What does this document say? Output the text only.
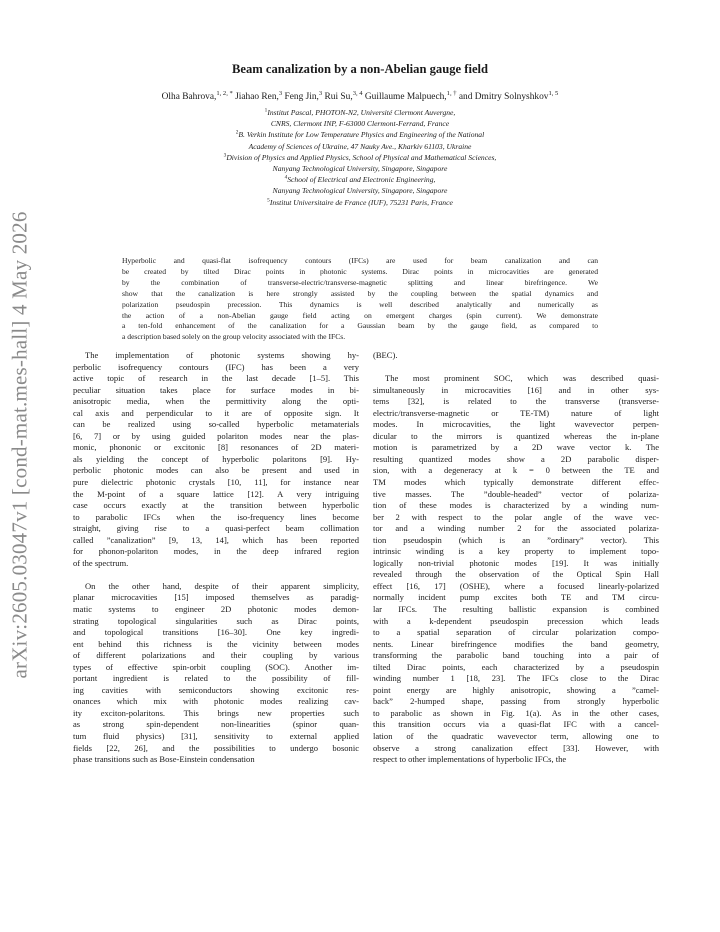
arXiv:2605.03047v1 [cond-mat.mes-hall] 4 May 2026
Beam canalization by a non-Abelian gauge field
Olha Bahrova,$^{1, 2, *}$ Jiahao Ren,$^3$ Feng Jin,$^3$ Rui Su,$^{3, 4}$ Guillaume Malpuech,$^{1, \dagger}$ and Dmitry Solnyshkov$^{1, 5}$
$^1$Institut Pascal, PHOTON-N2, Université Clermont Auvergne,
CNRS, Clermont INP, F-63000 Clermont-Ferrand, France
$^2$B. Verkin Institute for Low Temperature Physics and Engineering of the National
Academy of Sciences of Ukraine, 47 Nauky Ave., Kharkiv 61103, Ukraine
$^3$Division of Physics and Applied Physics, School of Physical and Mathematical Sciences,
Nanyang Technological University, Singapore, Singapore
$^4$School of Electrical and Electronic Engineering,
Nanyang Technological University, Singapore, Singapore
$^5$Institut Universitaire de France (IUF), 75231 Paris, France
Hyperbolic and quasi-flat isofrequency contours (IFCs) are used for beam canalization and can
be created by tilted Dirac points in photonic systems. Dirac points in microcavities are generated
by the combination of transverse-electric/transverse-magnetic splitting and linear birefringence. We
show that the canalization is here strongly assisted by the coupling between the spatial dynamics and
polarization pseudospin precession. This dynamics is well described analytically and numerically as
the action of a non-Abelian gauge field acting on emergent charges (spin current). We demonstrate
a ten-fold enhancement of the canalization for a Gaussian beam by the gauge field, as compared to
a description based solely on the group velocity associated with the IFCs.
The implementation of photonic systems showing hy-
perbolic isofrequency contours (IFC) has been a very
active topic of research in the last decade [1–5]. This
peculiar situation takes place for surface modes in bi-
anisotropic media, when the permittivity along the opti-
cal axis and perpendicular to it are of opposite sign. It
can be realized using so-called hyperbolic metamaterials
[6, 7] or by using guided polariton modes near the plas-
monic, phononic or excitonic [8] resonances of 2D materi-
als yielding the concept of hyperbolic polaritons [9]. Hy-
perbolic photonic modes can also be present and used in
pure dielectric photonic crystals [10, 11], for instance near
the M-point of a square lattice [12]. A very intriguing
case occurs exactly at the transition between hyperbolic
to parabolic IFCs when the iso-frequency lines become
straight, giving rise to a quasi-perfect beam collimation
called ”canalization” [9, 13, 14], which has been reported
for phonon-polariton modes, in the deep infrared region
of the spectrum.
On the other hand, despite of their apparent simplicity,
planar microcavities [15] imposed themselves as paradig-
matic systems to engineer 2D photonic modes demon-
strating topological singularities such as Dirac points,
and topological transitions [16–30]. One key ingredi-
ent behind this richness is the vicinity between modes
of different polarizations and their coupling by various
types of effective spin-orbit coupling (SOC). Another im-
portant ingredient is related to the possibility of fill-
ing cavities with semiconductors showing excitonic res-
onances which mix with photonic modes realizing cav-
ity exciton-polaritons. This brings new properties such
as strong spin-dependent non-linearities (spinor quan-
tum fluid physics) [31], sensitivity to external applied
fields [22, 26], and the possibilities to undergo bosonic
phase transitions such as Bose-Einstein condensation
(BEC).
The most prominent SOC, which was described quasi-
simultaneously in microcavities [16] and in other sys-
tems [32], is related to the transverse (transverse-
electric/transverse-magnetic or TE-TM) nature of light
modes. In microcavities, the light wavevector perpen-
dicular to the mirrors is quantized whereas the in-plane
motion is parametrized by a 2D wave vector k. The
resulting quantized modes show a 2D parabolic disper-
sion, with a degeneracy at k = 0 between the TE and
TM modes which typically demonstrate different effec-
tive masses. The ”double-headed” vector of polariza-
tion of these modes is characterized by a winding num-
ber 2 with respect to the polar angle of the wave vec-
tor and a winding number 2 for the associated polariza-
tion pseudospin (which is an ”ordinary” vector). This
intrinsic winding is a key property to implement topo-
logically non-trivial photonic modes [19]. It was initially
revealed through the observation of the Optical Spin Hall
effect [16, 17] (OSHE), where a focused linearly-polarized
normally incident pump excites both TE and TM circu-
lar IFCs. The resulting ballistic expansion is combined
with a k-dependent pseudospin precession which leads
to a spatial separation of circular polarization compo-
nents. Linear birefringence modifies the band geometry,
transforming the parabolic band touching into a pair of
tilted Dirac points, each characterized by a pseudospin
winding number 1 [18, 23]. The IFCs close to the Dirac
point energy are highly anisotropic, showing a ”camel-
back” 2-humped shape, passing from strongly hyperbolic
to parabolic as shown in Fig. 1(a). As in the other cases,
this transition occurs via a quasi-flat IFC with a cancel-
lation of the quadratic wavevector term, allowing one to
observe a strong canalization effect [33]. However, with
respect to other implementations of hyperbolic IFCs, the
